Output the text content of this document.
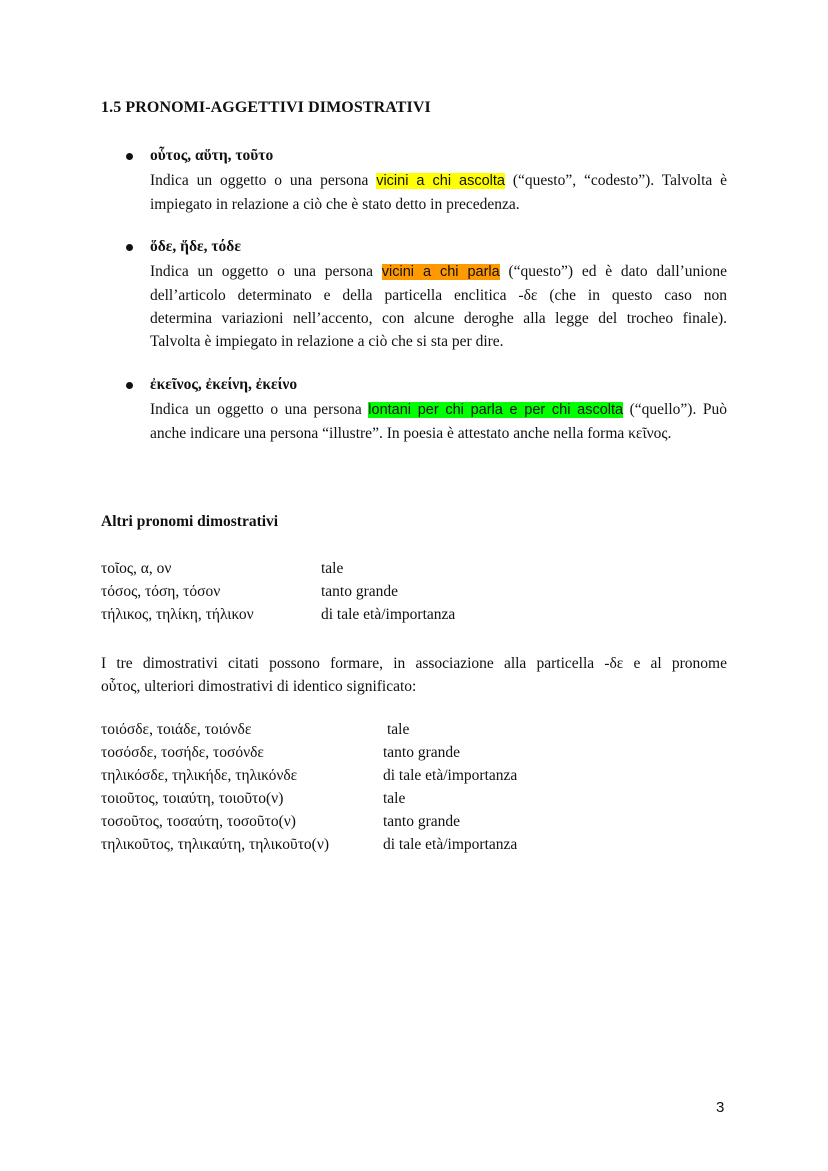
1.5 PRONOMI-AGGETTIVI DIMOSTRATIVI
οὗτος, αὕτη, τοῦτο
Indica un oggetto o una persona vicini a chi ascolta (“questo”, “codesto”). Talvolta è
impiegato in relazione a ciò che è stato detto in precedenza.
ὅδε, ἥδε, τόδε
Indica un oggetto o una persona vicini a chi parla (“questo”) ed è dato dall’unione
dell’articolo determinato e della particella enclitica -δε (che in questo caso non
determina variazioni nell’accento, con alcune deroghe alla legge del trocheo finale).
Talvolta è impiegato in relazione a ciò che si sta per dire.
ἐκεῖνος, ἐκείνη, ἐκείνο
Indica un oggetto o una persona lontani per chi parla e per chi ascolta (“quello”). Può
anche indicare una persona “illustre”. In poesia è attestato anche nella forma κεῖνος.
Altri pronomi dimostrativi
τοῖος, α, ον	tale
τόσος, τόση, τόσον	tanto grande
τήλικος, τηλίκη, τήλικον	di tale età/importanza
I tre dimostrativi citati possono formare, in associazione alla particella -δε e al pronome
οὗτος, ulteriori dimostrativi di identico significato:
τοιόσδε, τοιάδε, τοιόνδε	tale
τοσόσδε, τοσήδε, τοσόνδε	tanto grande
τηλικόσδε, τηλικήδε, τηλικόνδε	di tale età/importanza
τοιοῦτος, τοιαύτη, τοιοῦτο(ν)	tale
τοσοῦτος, τοσαύτη, τοσοῦτο(ν)	tanto grande
τηλικοῦτος, τηλικαύτη, τηλικοῦτο(ν)	di tale età/importanza
3
